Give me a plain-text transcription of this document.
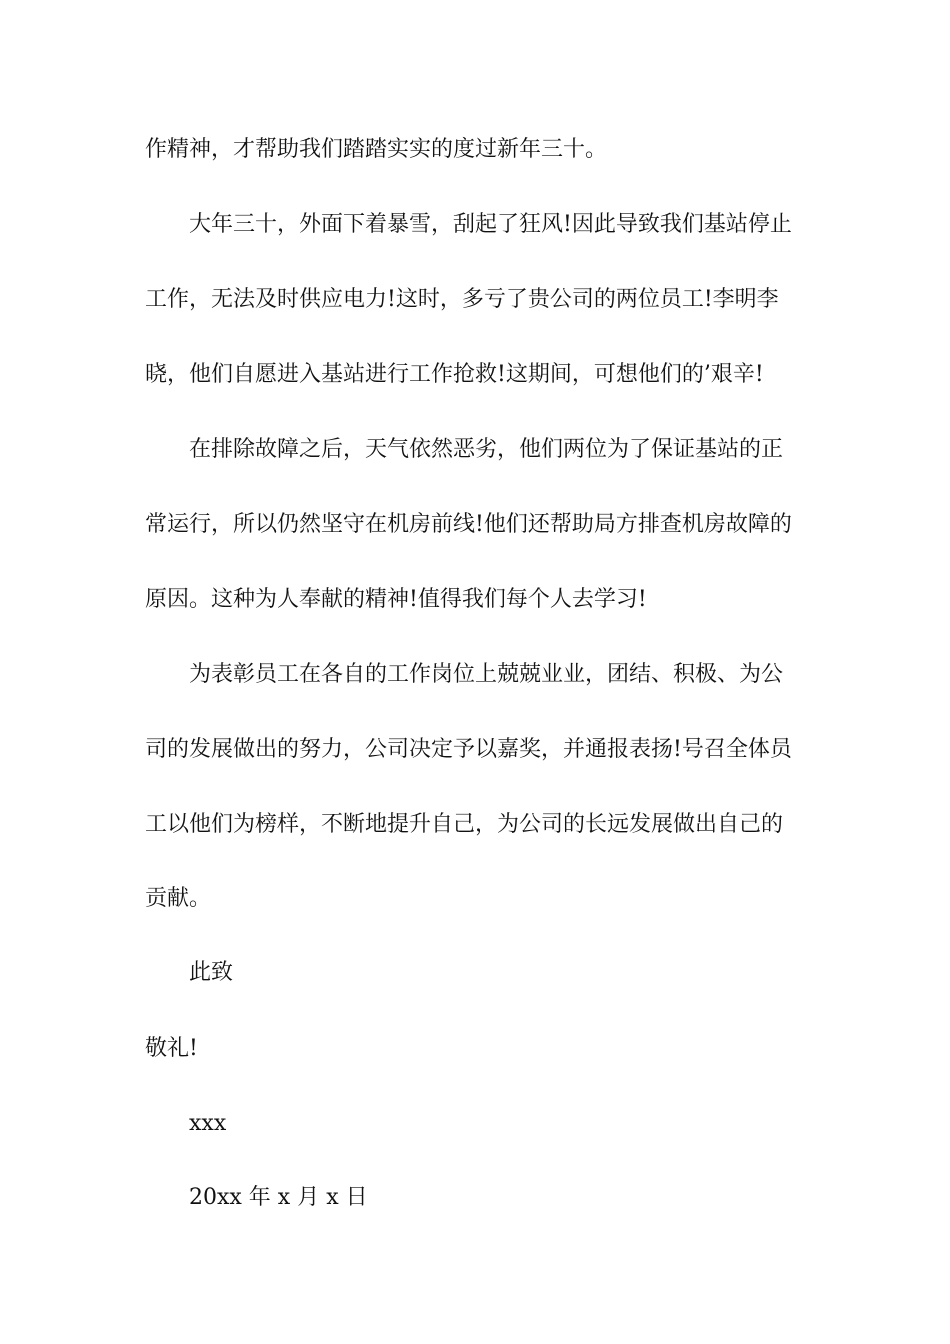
作精神，才帮助我们踏踏实实的度过新年三十。
大年三十，外面下着暴雪，刮起了狂风!因此导致我们基站停止
工作，无法及时供应电力!这时，多亏了贵公司的两位员工!李明李
晓，他们自愿进入基站进行工作抢救!这期间，可想他们的’艰辛!
在排除故障之后，天气依然恶劣，他们两位为了保证基站的正
常运行，所以仍然坚守在机房前线!他们还帮助局方排查机房故障的
原因。这种为人奉献的精神!值得我们每个人去学习!
为表彰员工在各自的工作岗位上兢兢业业，团结、积极、为公
司的发展做出的努力，公司决定予以嘉奖，并通报表扬!号召全体员
工以他们为榜样，不断地提升自己，为公司的长远发展做出自己的
贡献。
此致
敬礼!
xxx
20xx 年 x 月 x 日
